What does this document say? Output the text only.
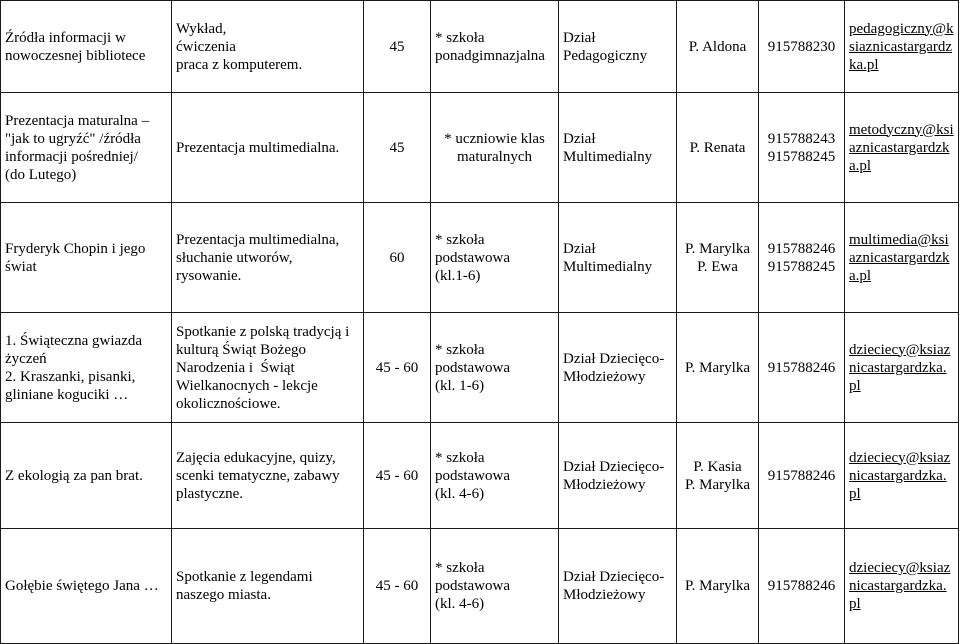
Źródła informacji w
nowoczesnej bibliotece	Wykład,
ćwiczenia
praca z komputerem.	45	* szkoła
ponadgimnazjalna	Dział
Pedagogiczny	P. Aldona	915788230	pedagogiczny@ksiaznicastargardzka.pl

Prezentacja maturalna –
"jak to ugryźć" /źródła
informacji pośredniej/
(do Lutego)	Prezentacja multimedialna.	45	* uczniowie klas
maturalnych	Dział
Multimedialny	P. Renata	915788243
915788245	metodyczny@ksiaznicastargardzka.pl

Fryderyk Chopin i jego
świat	Prezentacja multimedialna,
słuchanie utworów,
rysowanie.	60	* szkoła podstawowa
(kl.1-6)	Dział
Multimedialny	P. Marylka
P. Ewa	915788246
915788245	multimedia@ksiaznicastargardzka.pl

1. Świąteczna gwiazda
życzeń
2. Kraszanki, pisanki,
gliniane koguciki …	Spotkanie z polską tradycją i
kulturą Świąt Bożego
Narodzenia i  Świąt
Wielkanocnych - lekcje
okolicznościowe.	45 - 60	* szkoła podstawowa
(kl. 1-6)	Dział Dziecięco-
Młodzieżowy	P. Marylka	915788246	dzieciecy@ksiaznicastargardzka.pl

Z ekologią za pan brat.	Zajęcia edukacyjne, quizy,
scenki tematyczne, zabawy
plastyczne.	45 - 60	* szkoła podstawowa
(kl. 4-6)	Dział Dziecięco-
Młodzieżowy	P. Kasia
P. Marylka	915788246	dzieciecy@ksiaznicastargardzka.pl

Gołębie świętego Jana …	Spotkanie z legendami
naszego miasta.	45 - 60	* szkoła podstawowa
(kl. 4-6)	Dział Dziecięco-
Młodzieżowy	P. Marylka	915788246	dzieciecy@ksiaznicastargardzka.pl
